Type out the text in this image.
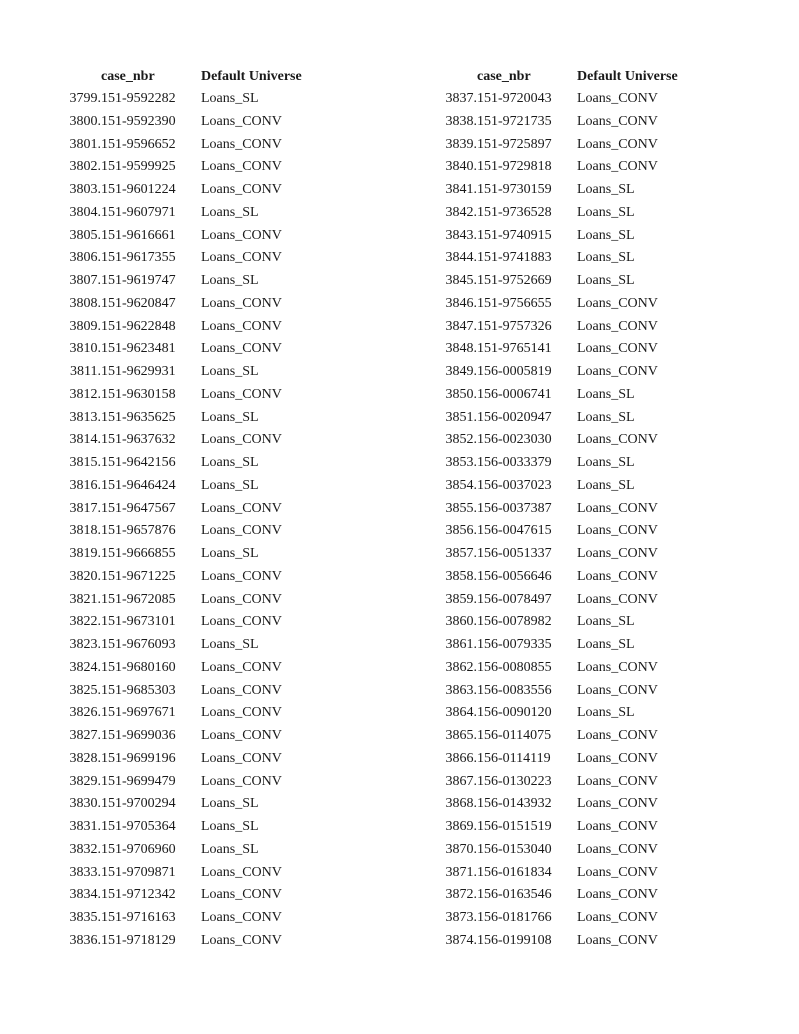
case_nbr	Default Universe
3799. 151-9592282	Loans_SL
3800. 151-9592390	Loans_CONV
3801. 151-9596652	Loans_CONV
3802. 151-9599925	Loans_CONV
3803. 151-9601224	Loans_CONV
3804. 151-9607971	Loans_SL
3805. 151-9616661	Loans_CONV
3806. 151-9617355	Loans_CONV
3807. 151-9619747	Loans_SL
3808. 151-9620847	Loans_CONV
3809. 151-9622848	Loans_CONV
3810. 151-9623481	Loans_CONV
3811. 151-9629931	Loans_SL
3812. 151-9630158	Loans_CONV
3813. 151-9635625	Loans_SL
3814. 151-9637632	Loans_CONV
3815. 151-9642156	Loans_SL
3816. 151-9646424	Loans_SL
3817. 151-9647567	Loans_CONV
3818. 151-9657876	Loans_CONV
3819. 151-9666855	Loans_SL
3820. 151-9671225	Loans_CONV
3821. 151-9672085	Loans_CONV
3822. 151-9673101	Loans_CONV
3823. 151-9676093	Loans_SL
3824. 151-9680160	Loans_CONV
3825. 151-9685303	Loans_CONV
3826. 151-9697671	Loans_CONV
3827. 151-9699036	Loans_CONV
3828. 151-9699196	Loans_CONV
3829. 151-9699479	Loans_CONV
3830. 151-9700294	Loans_SL
3831. 151-9705364	Loans_SL
3832. 151-9706960	Loans_SL
3833. 151-9709871	Loans_CONV
3834. 151-9712342	Loans_CONV
3835. 151-9716163	Loans_CONV
3836. 151-9718129	Loans_CONV
case_nbr	Default Universe
3837. 151-9720043	Loans_CONV
3838. 151-9721735	Loans_CONV
3839. 151-9725897	Loans_CONV
3840. 151-9729818	Loans_CONV
3841. 151-9730159	Loans_SL
3842. 151-9736528	Loans_SL
3843. 151-9740915	Loans_SL
3844. 151-9741883	Loans_SL
3845. 151-9752669	Loans_SL
3846. 151-9756655	Loans_CONV
3847. 151-9757326	Loans_CONV
3848. 151-9765141	Loans_CONV
3849. 156-0005819	Loans_CONV
3850. 156-0006741	Loans_SL
3851. 156-0020947	Loans_SL
3852. 156-0023030	Loans_CONV
3853. 156-0033379	Loans_SL
3854. 156-0037023	Loans_SL
3855. 156-0037387	Loans_CONV
3856. 156-0047615	Loans_CONV
3857. 156-0051337	Loans_CONV
3858. 156-0056646	Loans_CONV
3859. 156-0078497	Loans_CONV
3860. 156-0078982	Loans_SL
3861. 156-0079335	Loans_SL
3862. 156-0080855	Loans_CONV
3863. 156-0083556	Loans_CONV
3864. 156-0090120	Loans_SL
3865. 156-0114075	Loans_CONV
3866. 156-0114119	Loans_CONV
3867. 156-0130223	Loans_CONV
3868. 156-0143932	Loans_CONV
3869. 156-0151519	Loans_CONV
3870. 156-0153040	Loans_CONV
3871. 156-0161834	Loans_CONV
3872. 156-0163546	Loans_CONV
3873. 156-0181766	Loans_CONV
3874. 156-0199108	Loans_CONV
